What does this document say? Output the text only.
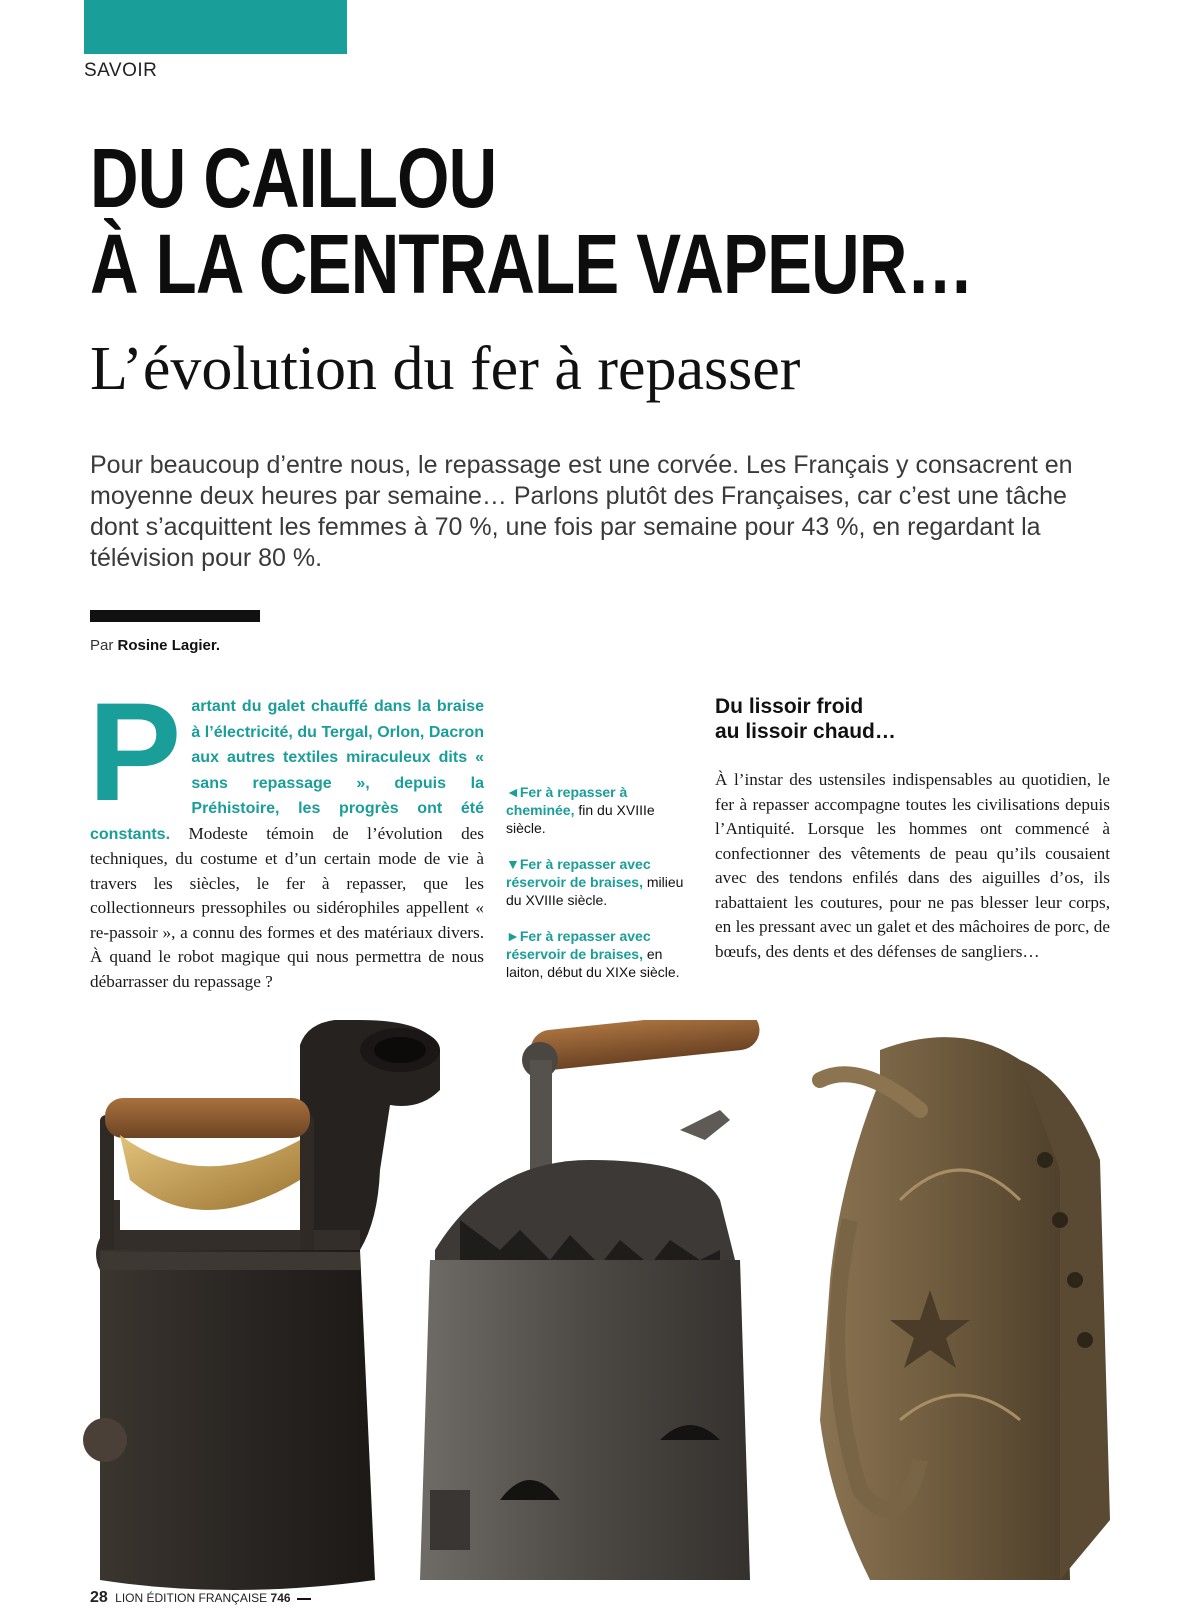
SAVOIR
DU CAILLOU
À LA CENTRALE VAPEUR…
L’évolution du fer à repasser

Pour beaucoup d’entre nous, le repassage est une corvée. Les Français y consacrent en moyenne deux heures par semaine… Parlons plutôt des Françaises, car c’est une tâche dont s’acquittent les femmes à 70 %, une fois par semaine pour 43 %, en regardant la télévision pour 80 %.

Par Rosine Lagier.
P artant du galet chauffé dans la braise à l’électricité, du Tergal, Orlon, Dacron aux autres textiles miraculeux dits « sans repassage », depuis la Préhistoire, les progrès ont été constants. Modeste témoin de l’évolution des techniques, du costume et d’un certain mode de vie à travers les siècles, le fer à repasser, que les collectionneurs pressophiles ou sidérophiles appellent « re-passoir », a connu des formes et des matériaux divers. À quand le robot magique qui nous permettra de nous débarrasser du repassage ?
◄Fer à repasser à cheminée, fin du XVIIIe siècle.
▼Fer à repasser avec réservoir de braises, milieu du XVIIIe siècle.
►Fer à repasser avec réservoir de braises, en laiton, début du XIXe siècle.
Du lissoir froid
au lissoir chaud…
À l’instar des ustensiles indispensables au quotidien, le fer à repasser accompagne toutes les civilisations depuis l’Antiquité. Lorsque les hommes ont commencé à confectionner des vêtements de peau qu’ils cousaient avec des tendons enfilés dans des aiguilles d’os, ils rabattaient les coutures, pour ne pas blesser leur corps, en les pressant avec un galet et des mâchoires de porc, de bœufs, des dents et des défenses de sangliers…
28 LION ÉDITION FRANÇAISE 746
